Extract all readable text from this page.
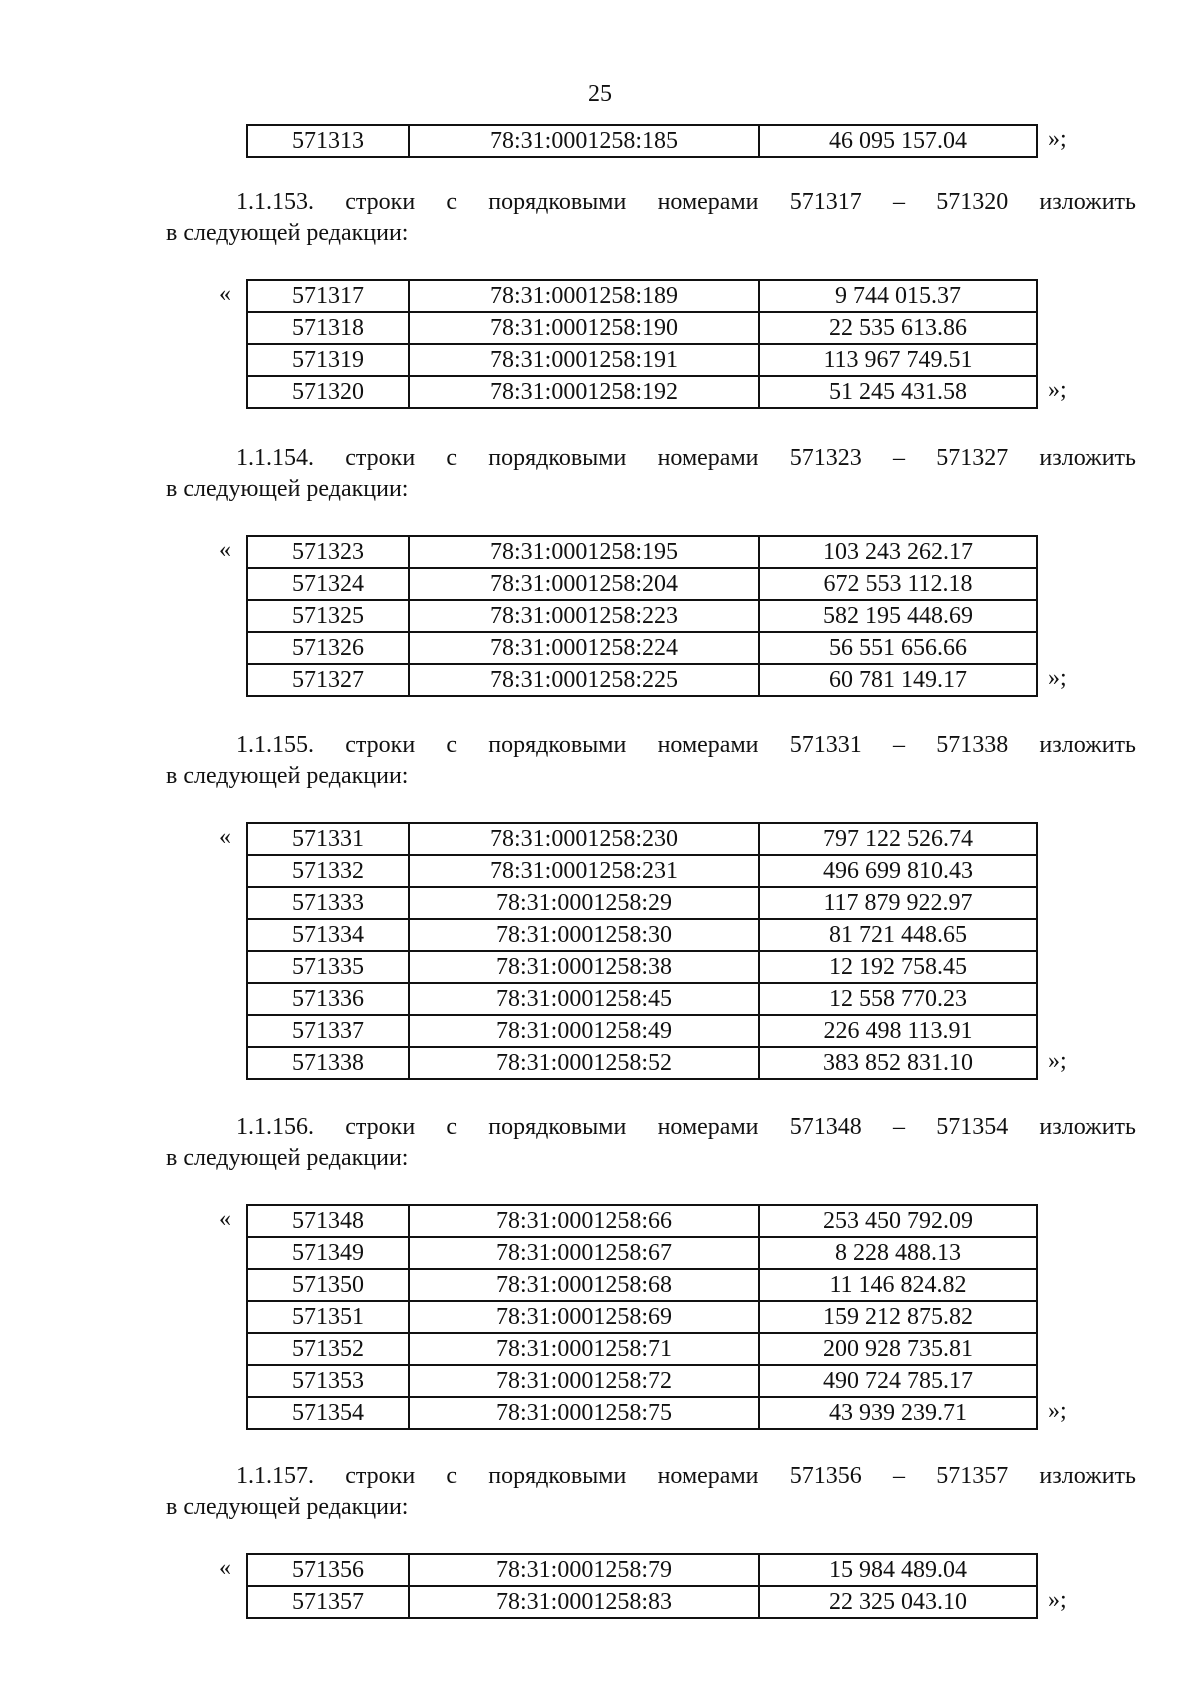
25
571313	78:31:0001258:185	46 095 157.04	»;
1.1.153. строки с порядковыми номерами 571317 – 571320 изложить
в следующей редакции:
«	571317	78:31:0001258:189	9 744 015.37
571318	78:31:0001258:190	22 535 613.86
571319	78:31:0001258:191	113 967 749.51
571320	78:31:0001258:192	51 245 431.58	»;
1.1.154. строки с порядковыми номерами 571323 – 571327 изложить
в следующей редакции:
«	571323	78:31:0001258:195	103 243 262.17
571324	78:31:0001258:204	672 553 112.18
571325	78:31:0001258:223	582 195 448.69
571326	78:31:0001258:224	56 551 656.66
571327	78:31:0001258:225	60 781 149.17	»;
1.1.155. строки с порядковыми номерами 571331 – 571338 изложить
в следующей редакции:
«	571331	78:31:0001258:230	797 122 526.74
571332	78:31:0001258:231	496 699 810.43
571333	78:31:0001258:29	117 879 922.97
571334	78:31:0001258:30	81 721 448.65
571335	78:31:0001258:38	12 192 758.45
571336	78:31:0001258:45	12 558 770.23
571337	78:31:0001258:49	226 498 113.91
571338	78:31:0001258:52	383 852 831.10	»;
1.1.156. строки с порядковыми номерами 571348 – 571354 изложить
в следующей редакции:
«	571348	78:31:0001258:66	253 450 792.09
571349	78:31:0001258:67	8 228 488.13
571350	78:31:0001258:68	11 146 824.82
571351	78:31:0001258:69	159 212 875.82
571352	78:31:0001258:71	200 928 735.81
571353	78:31:0001258:72	490 724 785.17
571354	78:31:0001258:75	43 939 239.71	»;
1.1.157. строки с порядковыми номерами 571356 – 571357 изложить
в следующей редакции:
«	571356	78:31:0001258:79	15 984 489.04
571357	78:31:0001258:83	22 325 043.10	»;
